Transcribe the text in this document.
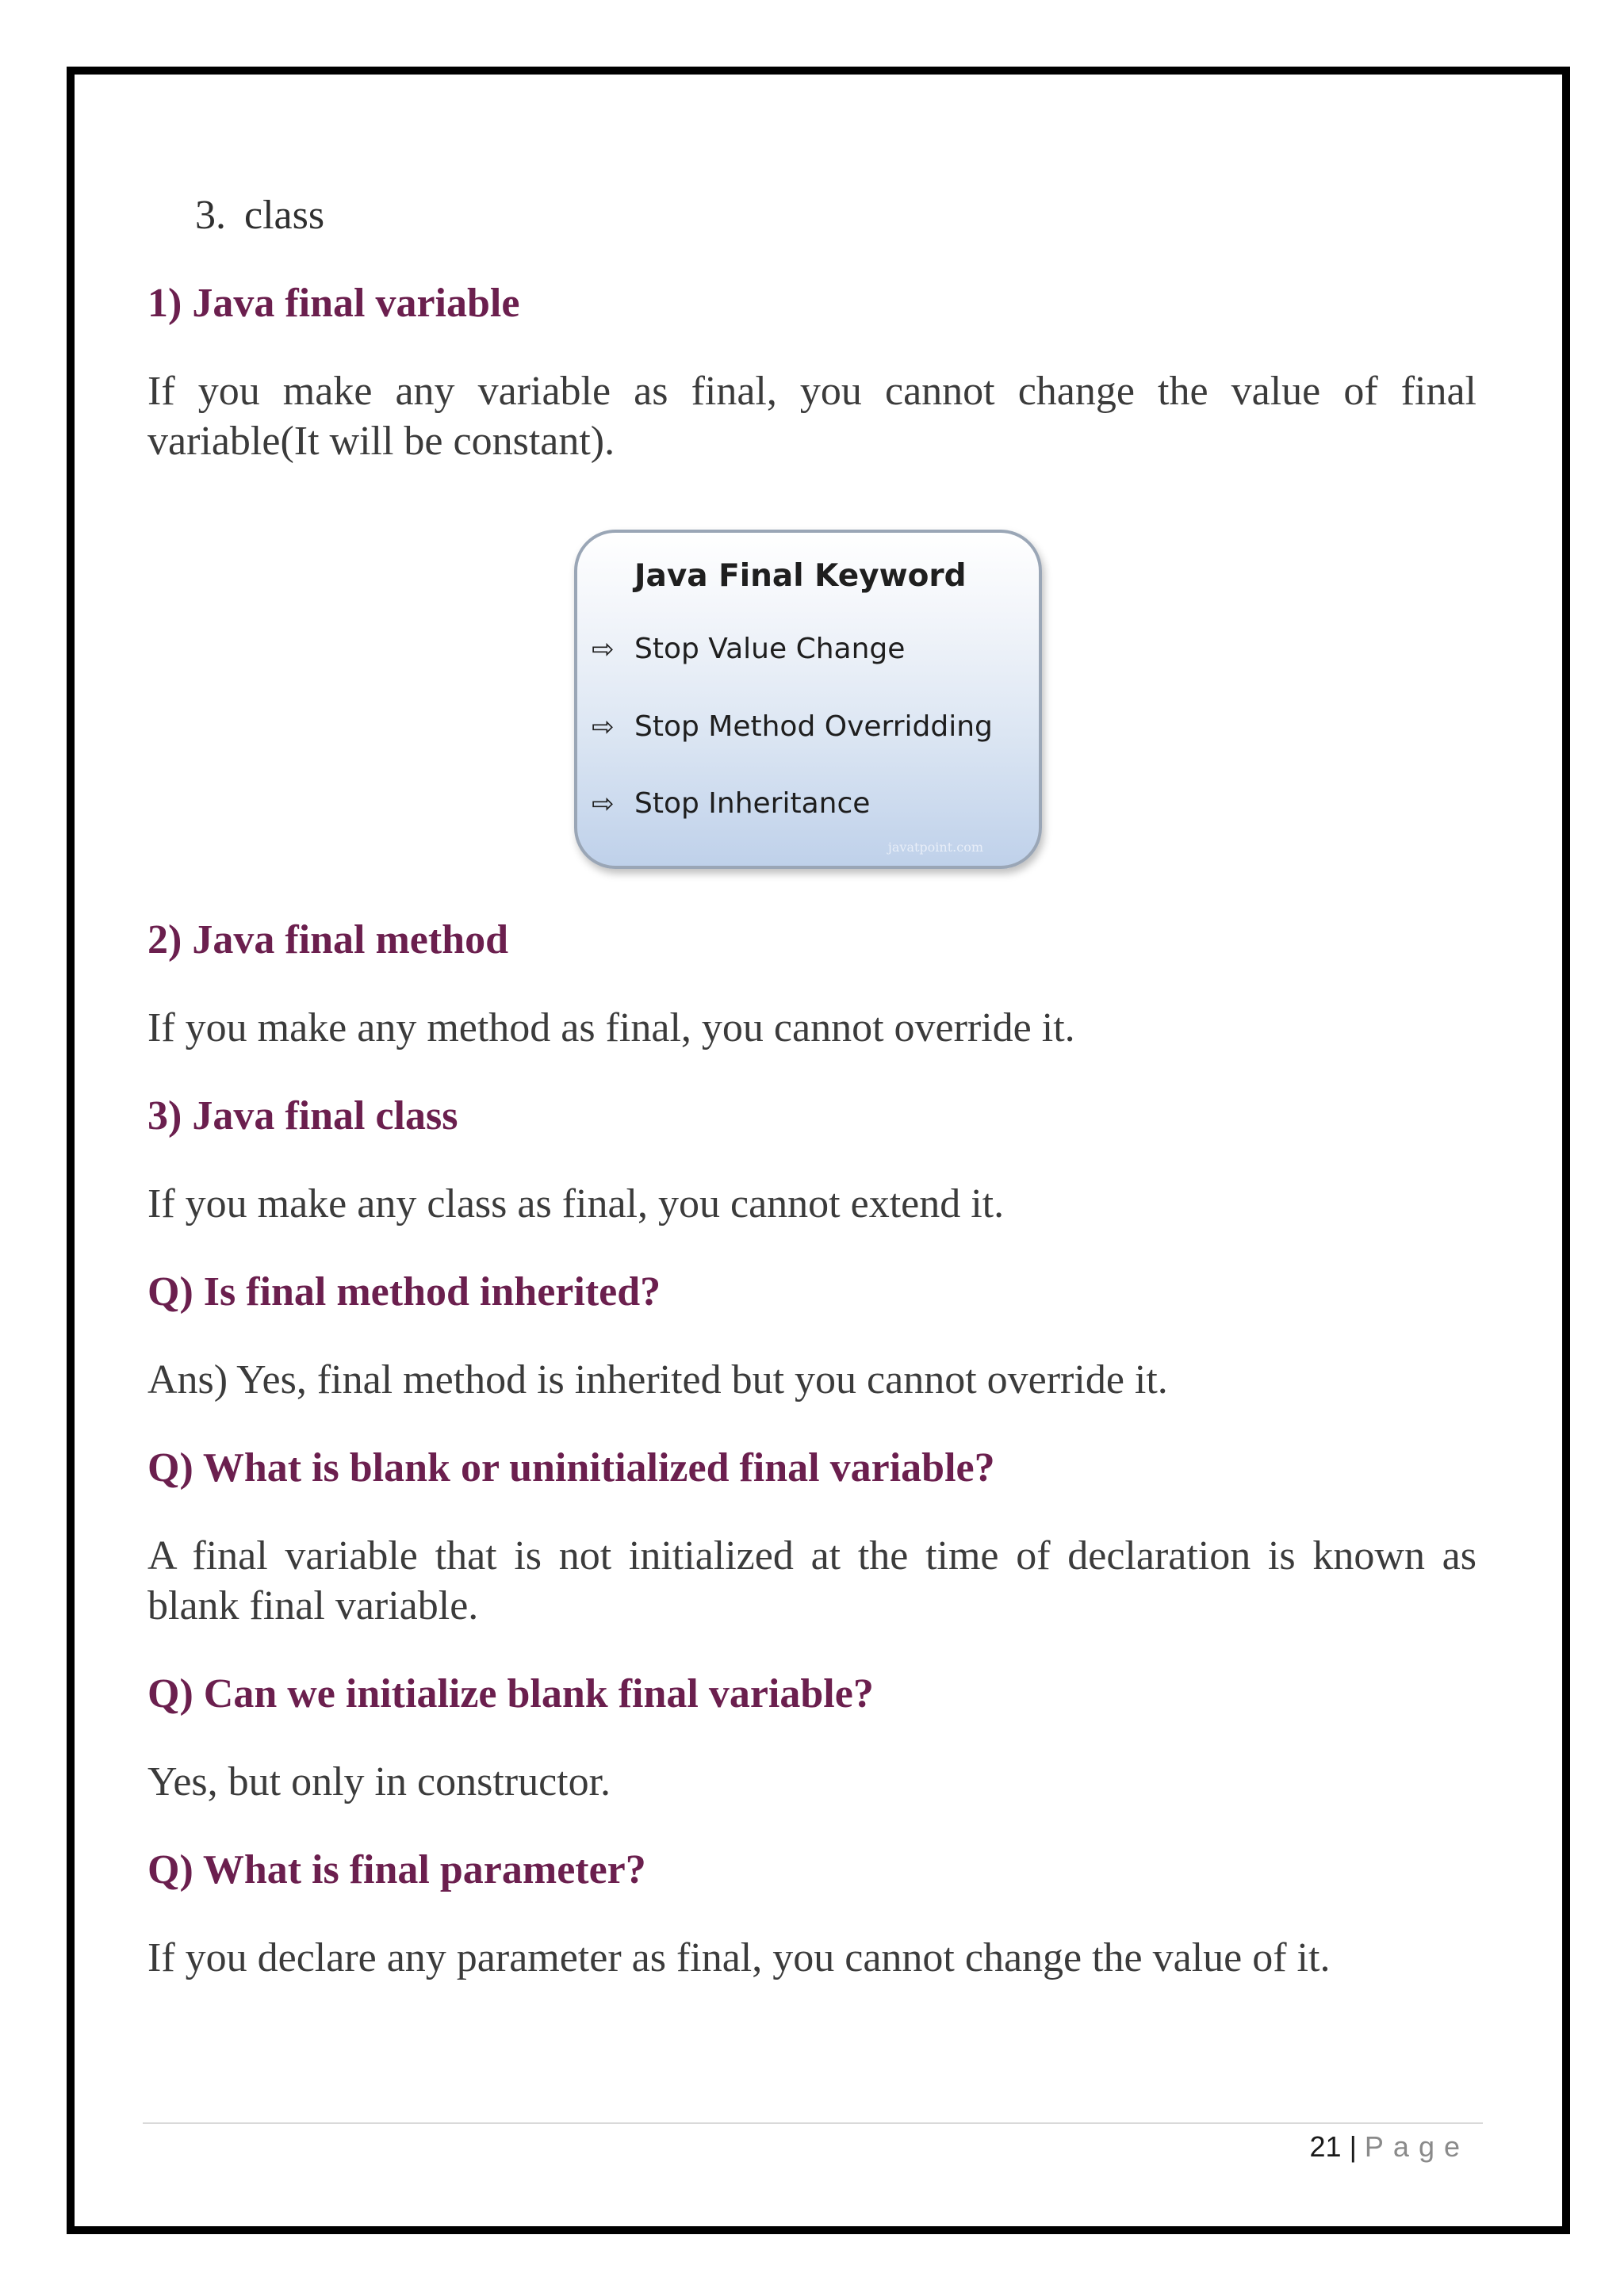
3. class
1) Java final variable

If you make any variable as final, you cannot change the value of final variable(It will be constant).

2) Java final method

If you make any method as final, you cannot override it.

3) Java final class

If you make any class as final, you cannot extend it.

Q) Is final method inherited?

Ans) Yes, final method is inherited but you cannot override it.

Q) What is blank or uninitialized final variable?

A final variable that is not initialized at the time of declaration is known as blank final variable.

Q) Can we initialize blank final variable?

Yes, but only in constructor.

Q) What is final parameter?

If you declare any parameter as final, you cannot change the value of it.

Java Final Keyword
⇨ Stop Value Change
⇨ Stop Method Overridding
⇨ Stop Inheritance
javatpoint.com
21 | Page
